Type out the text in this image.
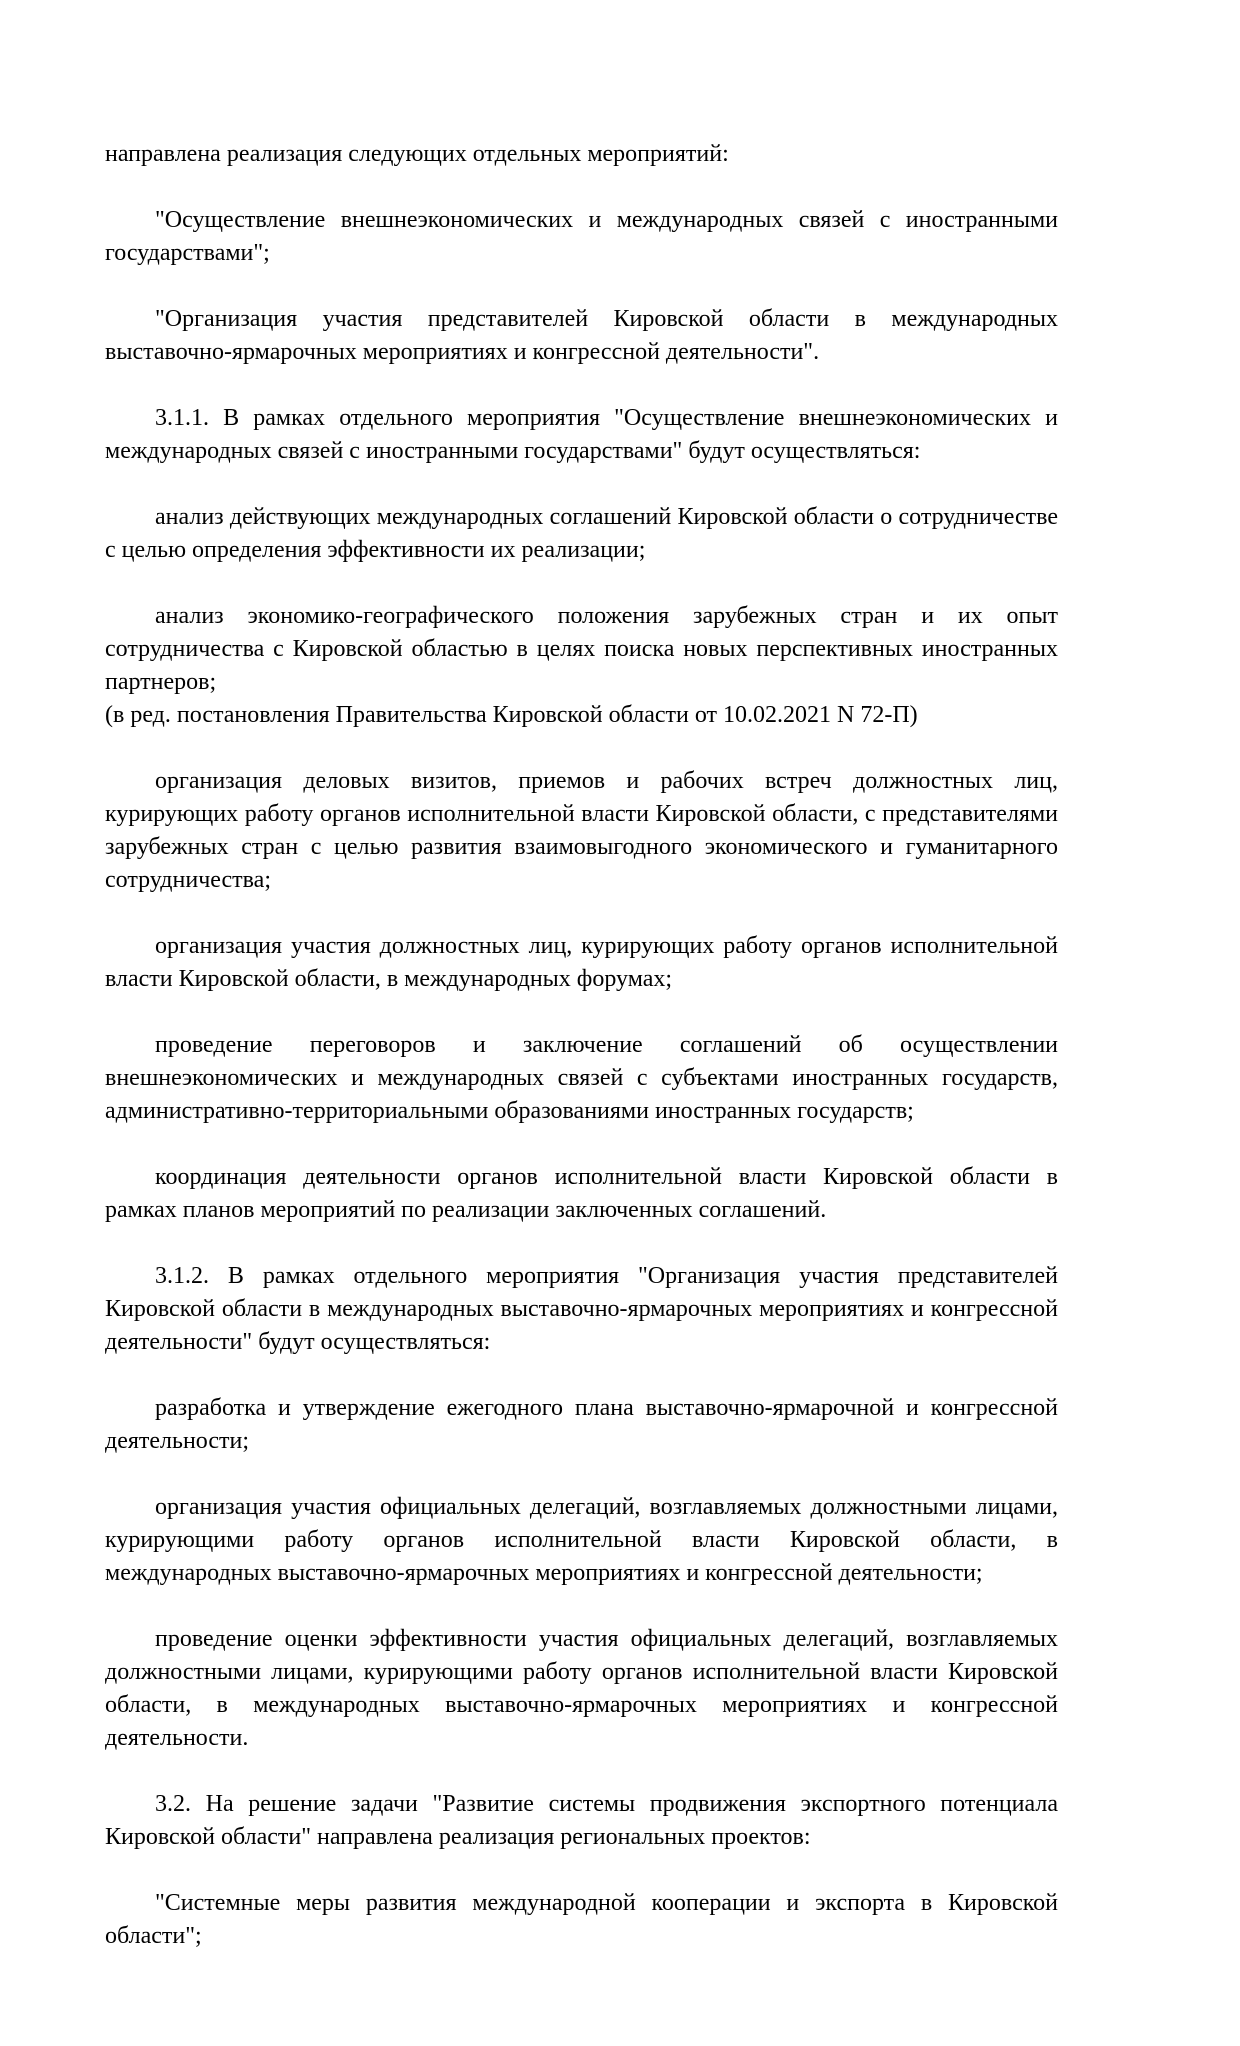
направлена реализация следующих отдельных мероприятий:

"Осуществление внешнеэкономических и международных связей с иностранными государствами";

"Организация участия представителей Кировской области в международных выставочно-ярмарочных мероприятиях и конгрессной деятельности".

3.1.1. В рамках отдельного мероприятия "Осуществление внешнеэкономических и международных связей с иностранными государствами" будут осуществляться:

анализ действующих международных соглашений Кировской области о сотрудничестве с целью определения эффективности их реализации;

анализ экономико-географического положения зарубежных стран и их опыт сотрудничества с Кировской областью в целях поиска новых перспективных иностранных партнеров;

(в ред. постановления Правительства Кировской области от 10.02.2021 N 72-П)

организация деловых визитов, приемов и рабочих встреч должностных лиц, курирующих работу органов исполнительной власти Кировской области, с представителями зарубежных стран с целью развития взаимовыгодного экономического и гуманитарного сотрудничества;

организация участия должностных лиц, курирующих работу органов исполнительной власти Кировской области, в международных форумах;

проведение переговоров и заключение соглашений об осуществлении внешнеэкономических и международных связей с субъектами иностранных государств, административно-территориальными образованиями иностранных государств;

координация деятельности органов исполнительной власти Кировской области в рамках планов мероприятий по реализации заключенных соглашений.

3.1.2. В рамках отдельного мероприятия "Организация участия представителей Кировской области в международных выставочно-ярмарочных мероприятиях и конгрессной деятельности" будут осуществляться:

разработка и утверждение ежегодного плана выставочно-ярмарочной и конгрессной деятельности;

организация участия официальных делегаций, возглавляемых должностными лицами, курирующими работу органов исполнительной власти Кировской области, в международных выставочно-ярмарочных мероприятиях и конгрессной деятельности;

проведение оценки эффективности участия официальных делегаций, возглавляемых должностными лицами, курирующими работу органов исполнительной власти Кировской области, в международных выставочно-ярмарочных мероприятиях и конгрессной деятельности.

3.2. На решение задачи "Развитие системы продвижения экспортного потенциала Кировской области" направлена реализация региональных проектов:

"Системные меры развития международной кооперации и экспорта в Кировской области";
